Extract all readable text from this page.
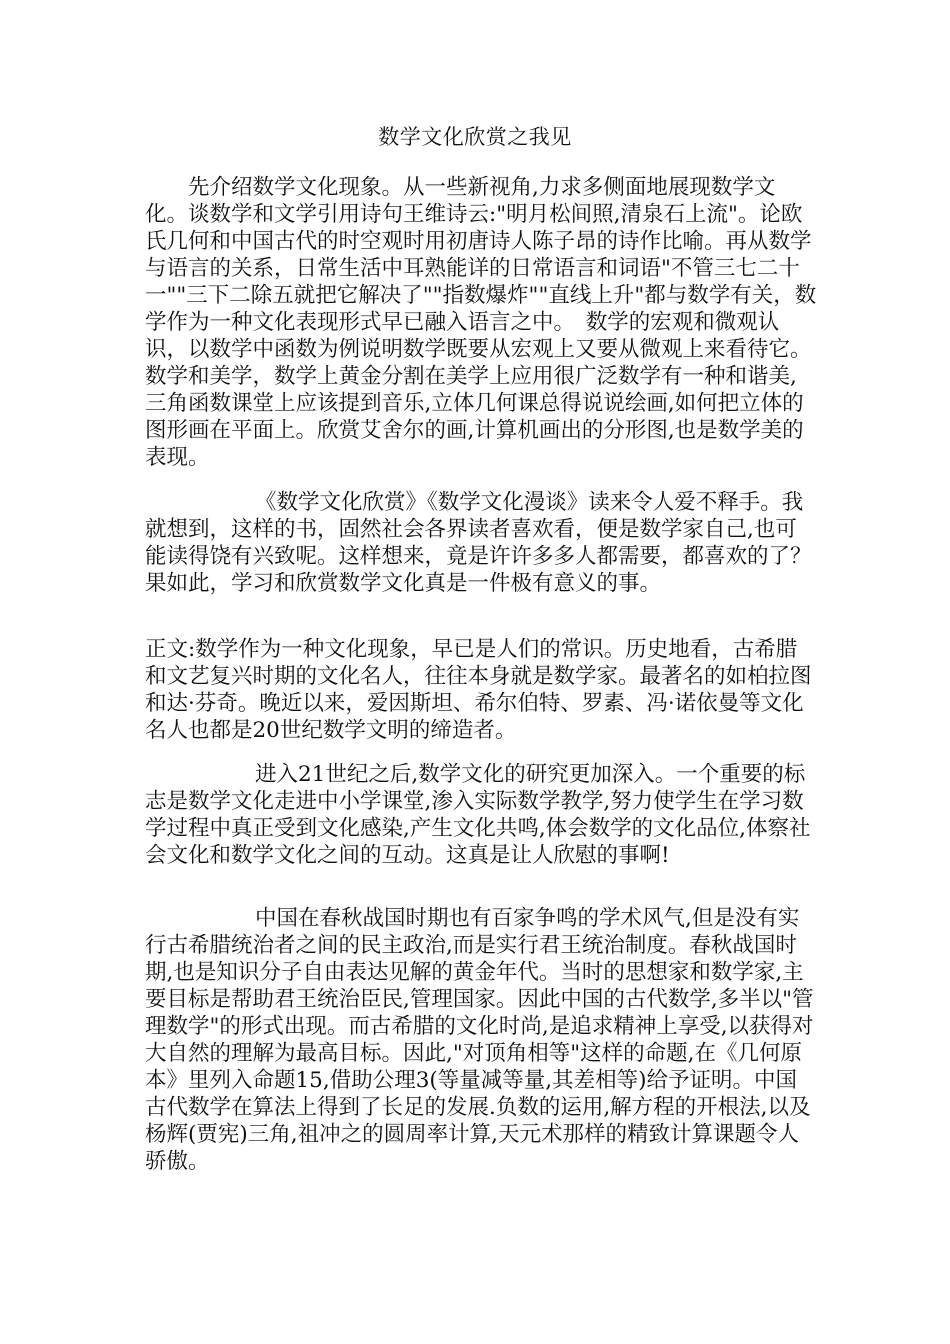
数学文化欣赏之我见

先介绍数学文化现象。从一些新视角,力求多侧面地展现数学文化。谈数学和文学引用诗句王维诗云:"明月松间照,清泉石上流"。论欧氏几何和中国古代的时空观时用初唐诗人陈子昂的诗作比喻。再从数学与语言的关系，日常生活中耳熟能详的日常语言和词语"不管三七二十一""三下二除五就把它解决了""指数爆炸""直线上升"都与数学有关，数学作为一种文化表现形式早已融入语言之中。　数学的宏观和微观认识，以数学中函数为例说明数学既要从宏观上又要从微观上来看待它。数学和美学，数学上黄金分割在美学上应用很广泛数学有一种和谐美,三角函数课堂上应该提到音乐,立体几何课总得说说绘画,如何把立体的图形画在平面上。欣赏艾舍尔的画,计算机画出的分形图,也是数学美的表现。

《数学文化欣赏》《数学文化漫谈》读来令人爱不释手。我就想到，这样的书，固然社会各界读者喜欢看，便是数学家自己,也可能读得饶有兴致呢。这样想来，竟是许许多多人都需要，都喜欢的了？果如此，学习和欣赏数学文化真是一件极有意义的事。

正文:数学作为一种文化现象，早已是人们的常识。历史地看，古希腊和文艺复兴时期的文化名人，往往本身就是数学家。最著名的如柏拉图和达·芬奇。晚近以来，爱因斯坦、希尔伯特、罗素、冯·诺依曼等文化名人也都是20世纪数学文明的缔造者。

进入21世纪之后,数学文化的研究更加深入。一个重要的标志是数学文化走进中小学课堂,渗入实际数学教学,努力使学生在学习数学过程中真正受到文化感染,产生文化共鸣,体会数学的文化品位,体察社会文化和数学文化之间的互动。这真是让人欣慰的事啊!

中国在春秋战国时期也有百家争鸣的学术风气,但是没有实行古希腊统治者之间的民主政治,而是实行君王统治制度。春秋战国时期,也是知识分子自由表达见解的黄金年代。当时的思想家和数学家,主要目标是帮助君王统治臣民,管理国家。因此中国的古代数学,多半以"管理数学"的形式出现。而古希腊的文化时尚,是追求精神上享受,以获得对大自然的理解为最高目标。因此,"对顶角相等"这样的命题,在《几何原本》里列入命题15,借助公理3(等量减等量,其差相等)给予证明。中国古代数学在算法上得到了长足的发展.负数的运用,解方程的开根法,以及杨辉(贾宪)三角,祖冲之的圆周率计算,天元术那样的精致计算课题令人骄傲。
